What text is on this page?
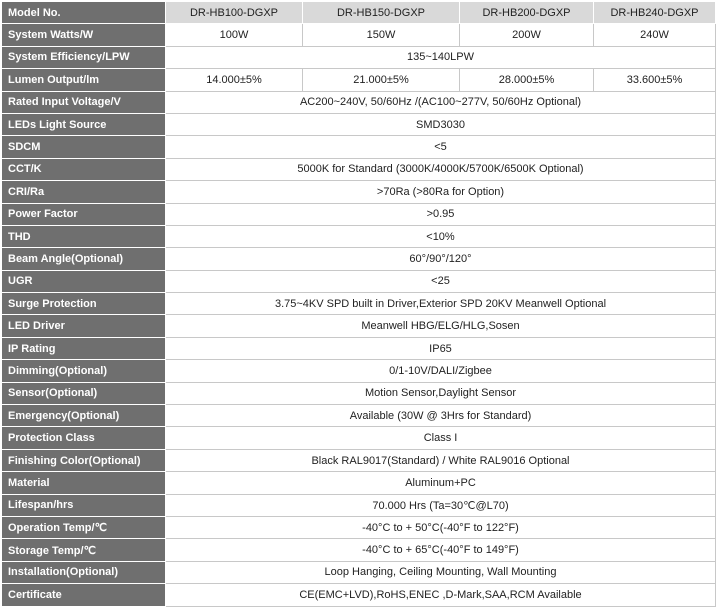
Model No.	DR-HB100-DGXP	DR-HB150-DGXP	DR-HB200-DGXP	DR-HB240-DGXP
System Watts/W	100W	150W	200W	240W
System Efficiency/LPW	135~140LPW			
Lumen Output/lm	14.000±5%	21.000±5%	28.000±5%	33.600±5%
Rated Input Voltage/V	AC200~240V, 50/60Hz /(AC100~277V, 50/60Hz Optional)			
LEDs Light Source	SMD3030			
SDCM	<5			
CCT/K	5000K for Standard (3000K/4000K/5700K/6500K Optional)			
CRI/Ra	>70Ra (>80Ra for Option)			
Power Factor	>0.95			
THD	<10%			
Beam Angle(Optional)	60°/90°/120°			
UGR	<25			
Surge Protection	3.75~4KV SPD built in Driver,Exterior SPD 20KV Meanwell Optional			
LED Driver	Meanwell HBG/ELG/HLG,Sosen			
IP Rating	IP65			
Dimming(Optional)	0/1-10V/DALI/Zigbee			
Sensor(Optional)	Motion Sensor,Daylight Sensor			
Emergency(Optional)	Available (30W @ 3Hrs for Standard)			
Protection Class	Class I			
Finishing Color(Optional)	Black RAL9017(Standard) / White RAL9016 Optional			
Material	Aluminum+PC			
Lifespan/hrs	70.000 Hrs (Ta=30℃@L70)			
Operation Temp/℃	-40°C to + 50°C(-40°F to 122°F)			
Storage Temp/℃	-40°C to + 65°C(-40°F to 149°F)			
Installation(Optional)	Loop Hanging, Ceiling Mounting, Wall Mounting			
Certificate	CE(EMC+LVD),RoHS,ENEC ,D-Mark,SAA,RCM Available			
